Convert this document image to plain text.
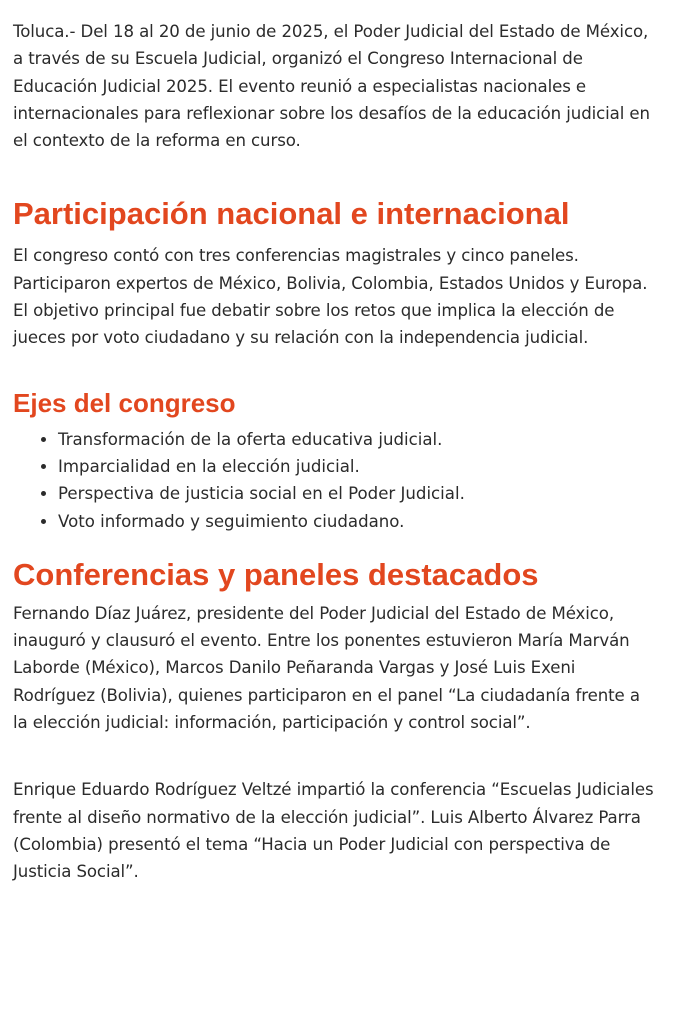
Toluca.- Del 18 al 20 de junio de 2025, el Poder Judicial del Estado de México, a través de su Escuela Judicial, organizó el Congreso Internacional de Educación Judicial 2025. El evento reunió a especialistas nacionales e internacionales para reflexionar sobre los desafíos de la educación judicial en el contexto de la reforma en curso.

Participación nacional e internacional

El congreso contó con tres conferencias magistrales y cinco paneles. Participaron expertos de México, Bolivia, Colombia, Estados Unidos y Europa. El objetivo principal fue debatir sobre los retos que implica la elección de jueces por voto ciudadano y su relación con la independencia judicial.

Ejes del congreso
• Transformación de la oferta educativa judicial.
• Imparcialidad en la elección judicial.
• Perspectiva de justicia social en el Poder Judicial.
• Voto informado y seguimiento ciudadano.
Conferencias y paneles destacados

Fernando Díaz Juárez, presidente del Poder Judicial del Estado de México, inauguró y clausuró el evento. Entre los ponentes estuvieron María Marván Laborde (México), Marcos Danilo Peñaranda Vargas y José Luis Exeni Rodríguez (Bolivia), quienes participaron en el panel “La ciudadanía frente a la elección judicial: información, participación y control social”.

Enrique Eduardo Rodríguez Veltzé impartió la conferencia “Escuelas Judiciales frente al diseño normativo de la elección judicial”. Luis Alberto Álvarez Parra (Colombia) presentó el tema “Hacia un Poder Judicial con perspectiva de Justicia Social”.
